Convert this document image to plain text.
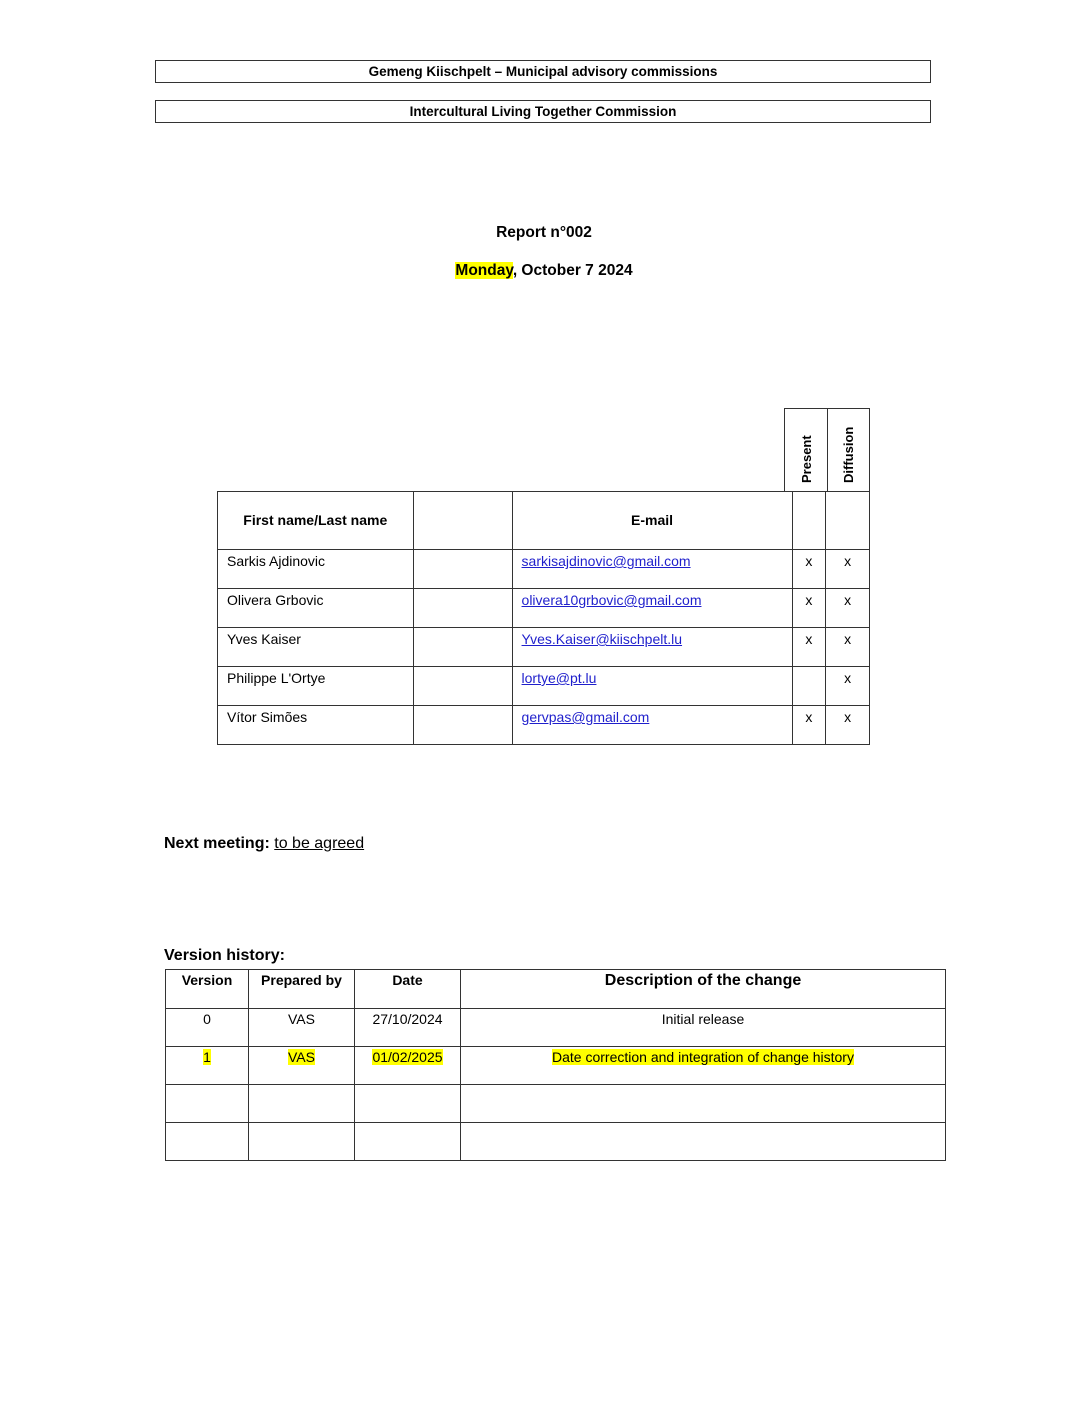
Gemeng Kiischpelt – Municipal advisory commissions
Intercultural Living Together Commission
Report n°002
Monday, October 7 2024
Present Diffusion
First name/Last name		E-mail		
Sarkis Ajdinovic		sarkisajdinovic@gmail.com	x	x
Olivera Grbovic		olivera10grbovic@gmail.com	x	x
Yves Kaiser		Yves.Kaiser@kiischpelt.lu	x	x
Philippe L'Ortye		lortye@pt.lu		x
Vítor Simões		gervpas@gmail.com	x	x
Next meeting: to be agreed
Version history:
Version	Prepared by	Date	Description of the change
0	VAS	27/10/2024	Initial release
1	VAS	01/02/2025	Date correction and integration of change history
